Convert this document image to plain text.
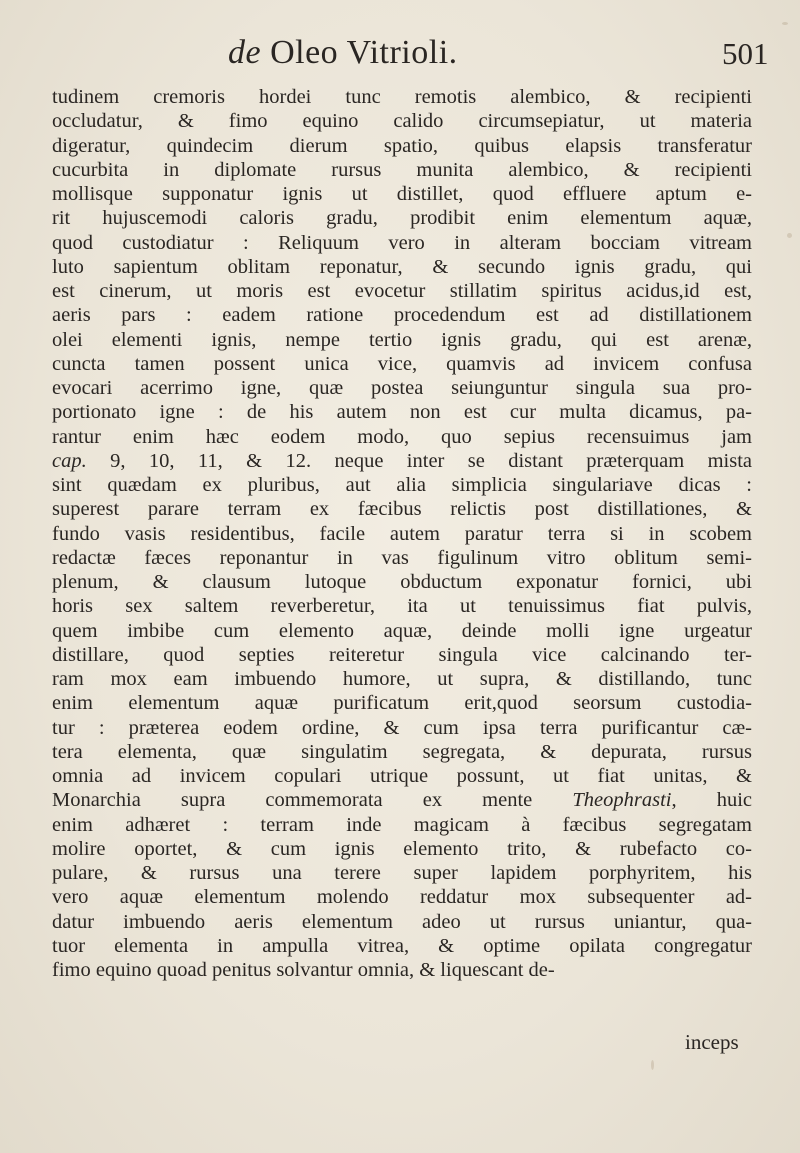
de Oleo Vitrioli.	501
tudinem cremoris hordei tunc remotis alembico, & recipienti
occludatur, & fimo equino calido circumsepiatur, ut materia
digeratur, quindecim dierum spatio, quibus elapsis transferatur
cucurbita in diplomate rursus munita alembico, & recipienti
mollisque supponatur ignis ut distillet, quod effluere aptum e-
rit hujuscemodi caloris gradu, prodibit enim elementum aquæ,
quod custodiatur : Reliquum vero in alteram bocciam vitream
luto sapientum oblitam reponatur, & secundo ignis gradu, qui
est cinerum, ut moris est evocetur stillatim spiritus acidus,id est,
aeris pars : eadem ratione procedendum est ad distillationem
olei elementi ignis, nempe tertio ignis gradu, qui est arenæ,
cuncta tamen possent unica vice, quamvis ad invicem confusa
evocari acerrimo igne, quæ postea seiunguntur singula sua pro-
portionato igne : de his autem non est cur multa dicamus, pa-
rantur enim hæc eodem modo, quo sepius recensuimus jam
cap. 9, 10, 11, & 12. neque inter se distant præterquam mista
sint quædam ex pluribus, aut alia simplicia singulariave dicas :
superest parare terram ex fæcibus relictis post distillationes, &
fundo vasis residentibus, facile autem paratur terra si in scobem
redactæ fæces reponantur in vas figulinum vitro oblitum semi-
plenum, & clausum lutoque obductum exponatur fornici, ubi
horis sex saltem reverberetur, ita ut tenuissimus fiat pulvis,
quem imbibe cum elemento aquæ, deinde molli igne urgeatur
distillare, quod septies reiteretur singula vice calcinando ter-
ram mox eam imbuendo humore, ut supra, & distillando, tunc
enim elementum aquæ purificatum erit,quod seorsum custodia-
tur : præterea eodem ordine, & cum ipsa terra purificantur cæ-
tera elementa, quæ singulatim segregata, & depurata, rursus
omnia ad invicem copulari utrique possunt, ut fiat unitas, &
Monarchia supra commemorata ex mente Theophrasti, huic
enim adhæret : terram inde magicam à fæcibus segregatam
molire oportet, & cum ignis elemento trito, & rubefacto co-
pulare, & rursus una terere super lapidem porphyritem, his
vero aquæ elementum molendo reddatur mox subsequenter ad-
datur imbuendo aeris elementum adeo ut rursus uniantur, qua-
tuor elementa in ampulla vitrea, & optime opilata congregatur
fimo equino quoad penitus solvantur omnia, & liquescant de-
inceps
